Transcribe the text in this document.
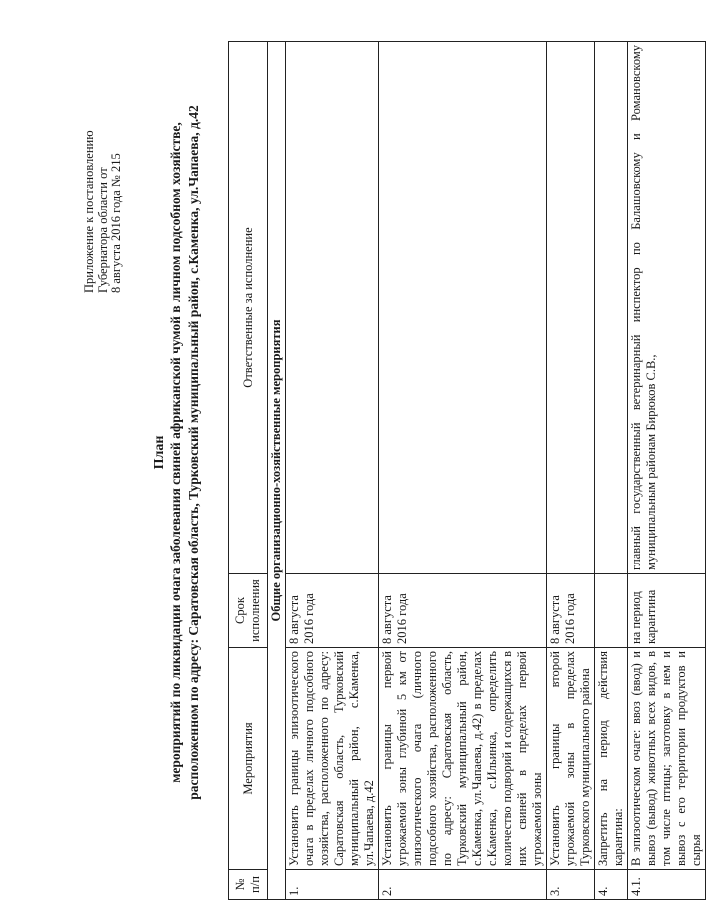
Приложение к постановлению Губернатора области от 8 августа 2016 года № 215
План мероприятий по ликвидации очага заболевания свиней африканской чумой в личном подсобном хозяйстве, расположенном по адресу: Саратовская область, Турковский муниципальный район, с.Каменка, ул.Чапаева, д.42
№ п/п	Мероприятия	Срок исполнения	Ответственные за исполнение
Общие организационно-хозяйственные мероприятия			
1.	Установить границы эпизоотического очага в пределах личного подсобного хозяйства, расположенного по адресу: Саратовская область, Турковский муниципальный район, с.Каменка, ул.Чапаева, д.42	8 августа 2016 года	
2.	Установить границы первой угрожаемой зоны глубиной 5 км от эпизоотического очага (личного подсобного хозяйства, расположенного по адресу: Саратовская область, Турковский муниципальный район, с.Каменка, ул.Чапаева, д.42) в пределах с.Каменка, с.Ильинка, определить количество подворий и содержащихся в них свиней в пределах первой угрожаемой зоны	8 августа 2016 года	
3.	Установить границы второй угрожаемой зоны в пределах Турковского муниципального района	8 августа 2016 года	
4.	Запретить на период действия карантина:		
4.1.	В эпизоотическом очаге: ввоз (ввод) и вывоз (вывод) животных всех видов, в том числе птицы; заготовку в нем и вывоз с его территории продуктов и сырья	на период карантина	главный государственный ветеринарный инспектор по Балашовскому и Романовскому муниципальным районам Бирюков С.В.,
